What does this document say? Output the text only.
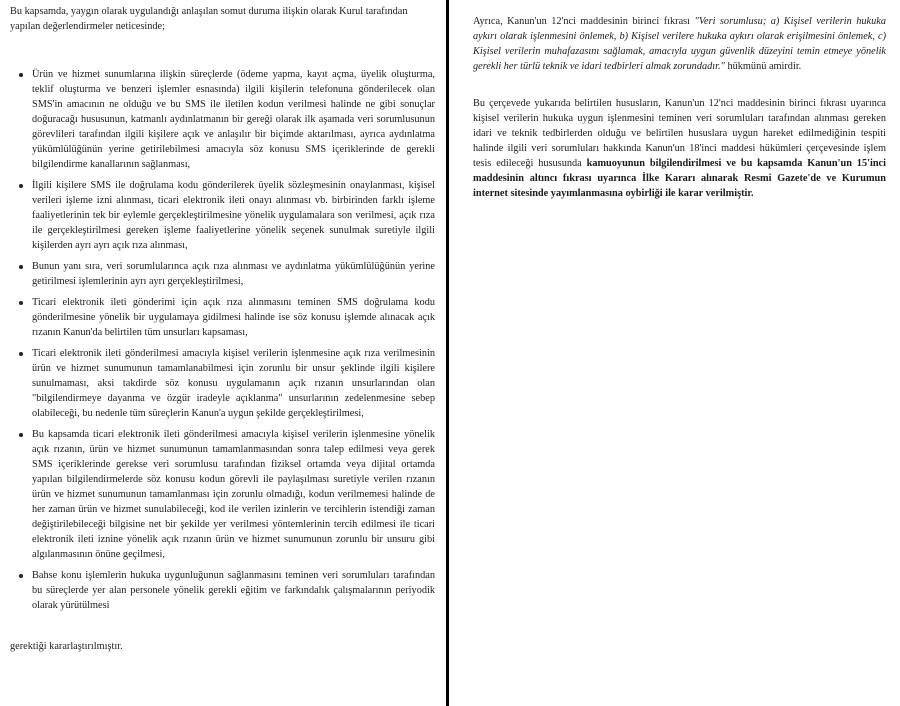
Bu kapsamda, yaygın olarak uygulandığı anlaşılan somut duruma ilişkin olarak Kurul tarafından yapılan değerlendirmeler neticesinde;

Ürün ve hizmet sunumlarına ilişkin süreçlerde (ödeme yapma, kayıt açma, üyelik oluşturma, teklif oluşturma ve benzeri işlemler esnasında) ilgili kişilerin telefonuna gönderilecek olan SMS'in amacının ne olduğu ve bu SMS ile iletilen kodun verilmesi halinde ne gibi sonuçlar doğuracağı hususunun, katmanlı aydınlatmanın bir gereği olarak ilk aşamada veri sorumlusunun görevlileri tarafından ilgili kişilere açık ve anlaşılır bir biçimde aktarılması, ayrıca aydınlatma yükümlülüğünün yerine getirilebilmesi amacıyla söz konusu SMS içeriklerinde de gerekli bilgilendirme kanallarının sağlanması,
İlgili kişilere SMS ile doğrulama kodu gönderilerek üyelik sözleşmesinin onaylanması, kişisel verileri işleme izni alınması, ticari elektronik ileti onayı alınması vb. birbirinden farklı işleme faaliyetlerinin tek bir eylemle gerçekleştirilmesine yönelik uygulamalara son verilmesi, açık rıza ile gerçekleştirilmesi gereken işleme faaliyetlerine yönelik seçenek sunulmak suretiyle ilgili kişilerden ayrı ayrı açık rıza alınması,
Bunun yanı sıra, veri sorumlularınca açık rıza alınması ve aydınlatma yükümlülüğünün yerine getirilmesi işlemlerinin ayrı ayrı gerçekleştirilmesi,
Ticari elektronik ileti gönderimi için açık rıza alınmasını teminen SMS doğrulama kodu gönderilmesine yönelik bir uygulamaya gidilmesi halinde ise söz konusu işlemde alınacak açık rızanın Kanun'da belirtilen tüm unsurları kapsaması,
Ticari elektronik ileti gönderilmesi amacıyla kişisel verilerin işlenmesine açık rıza verilmesinin ürün ve hizmet sunumunun tamamlanabilmesi için zorunlu bir unsur şeklinde ilgili kişilere sunulmaması, aksi takdirde söz konusu uygulamanın açık rızanın unsurlarından olan "bilgilendirmeye dayanma ve özgür iradeyle açıklanma" unsurlarının zedelenmesine sebep olabileceği, bu nedenle tüm süreçlerin Kanun'a uygun şekilde gerçekleştirilmesi,
Bu kapsamda ticari elektronik ileti gönderilmesi amacıyla kişisel verilerin işlenmesine yönelik açık rızanın, ürün ve hizmet sunumunun tamamlanmasından sonra talep edilmesi veya gerek SMS içeriklerinde gerekse veri sorumlusu tarafından fiziksel ortamda veya dijital ortamda yapılan bilgilendirmelerde söz konusu kodun görevli ile paylaşılması suretiyle verilen rızanın ürün ve hizmet sunumunun tamamlanması için zorunlu olmadığı, kodun verilmemesi halinde de her zaman ürün ve hizmet sunulabileceği, kod ile verilen izinlerin ve tercihlerin istendiği zaman değiştirilebileceği bilgisine net bir şekilde yer verilmesi yöntemlerinin tercih edilmesi ile ticari elektronik ileti iznine yönelik açık rızanın ürün ve hizmet sunumunun zorunlu bir unsuru gibi algılanmasının önüne geçilmesi,
Bahse konu işlemlerin hukuka uygunluğunun sağlanmasını teminen veri sorumluları tarafından bu süreçlerde yer alan personele yönelik gerekli eğitim ve farkındalık çalışmalarının periyodik olarak yürütülmesi

gerektiği kararlaştırılmıştır.

Ayrıca, Kanun'un 12'nci maddesinin birinci fıkrası "Veri sorumlusu; a) Kişisel verilerin hukuka aykırı olarak işlenmesini önlemek, b) Kişisel verilere hukuka aykırı olarak erişilmesini önlemek, c) Kişisel verilerin muhafazasını sağlamak, amacıyla uygun güvenlik düzeyini temin etmeye yönelik gerekli her türlü teknik ve idari tedbirleri almak zorundadır." hükmünü amirdir.

Bu çerçevede yukarıda belirtilen hususların, Kanun'un 12'nci maddesinin birinci fıkrası uyarınca kişisel verilerin hukuka uygun işlenmesini teminen veri sorumluları tarafından alınması gereken idari ve teknik tedbirlerden olduğu ve belirtilen hususlara uygun hareket edilmediğinin tespiti halinde ilgili veri sorumluları hakkında Kanun'un 18'inci maddesi hükümleri çerçevesinde işlem tesis edileceği hususunda kamuoyunun bilgilendirilmesi ve bu kapsamda Kanun'un 15'inci maddesinin altıncı fıkrası uyarınca İlke Kararı alınarak Resmi Gazete'de ve Kurumun internet sitesinde yayımlanmasına oybirliği ile karar verilmiştir.
